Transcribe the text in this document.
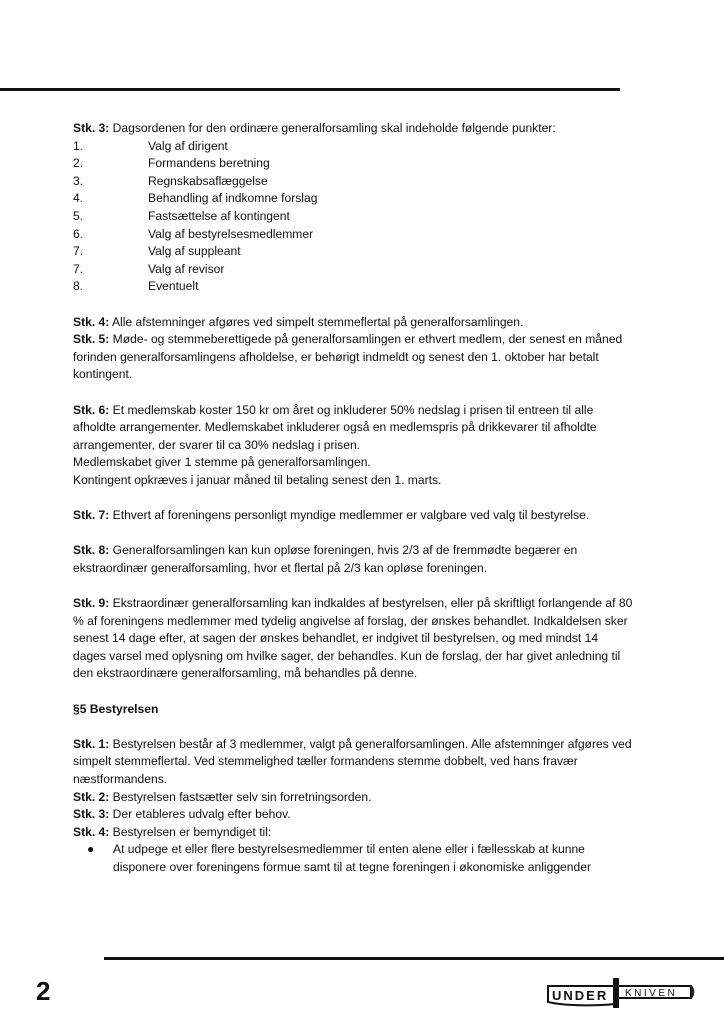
Stk. 3: Dagsordenen for den ordinære generalforsamling skal indeholde følgende punkter:

1.	Valg af dirigent
2.	Formandens beretning
3.	Regnskabsaflæggelse
4.	Behandling af indkomne forslag
5.	Fastsættelse af kontingent
6.	Valg af bestyrelsesmedlemmer
7.	Valg af suppleant
7.	Valg af revisor
8.	Eventuelt

Stk. 4: Alle afstemninger afgøres ved simpelt stemmeflertal på generalforsamlingen.

Stk. 5: Møde- og stemmeberettigede på generalforsamlingen er ethvert medlem, der senest en måned forinden generalforsamlingens afholdelse, er behørigt indmeldt og senest den 1. oktober har betalt kontingent.

Stk. 6: Et medlemskab koster 150 kr om året og inkluderer 50% nedslag i prisen til entreen til alle afholdte arrangementer. Medlemskabet inkluderer også en medlemspris på drikkevarer til afholdte arrangementer, der svarer til ca 30% nedslag i prisen.

Medlemskabet giver 1 stemme på generalforsamlingen.

Kontingent opkræves i januar måned til betaling senest den 1. marts.

Stk. 7: Ethvert af foreningens personligt myndige medlemmer er valgbare ved valg til bestyrelse.

Stk. 8: Generalforsamlingen kan kun opløse foreningen, hvis 2/3 af de fremmødte begærer en ekstraordinær generalforsamling, hvor et flertal på 2/3 kan opløse foreningen.

Stk. 9: Ekstraordinær generalforsamling kan indkaldes af bestyrelsen, eller på skriftligt forlangende af 80 % af foreningens medlemmer med tydelig angivelse af forslag, der ønskes behandlet. Indkaldelsen sker senest 14 dage efter, at sagen der ønskes behandlet, er indgivet til bestyrelsen, og med mindst 14 dages varsel med oplysning om hvilke sager, der behandles. Kun de forslag, der har givet anledning til den ekstraordinære generalforsamling, må behandles på denne.

§5 Bestyrelsen

Stk. 1: Bestyrelsen består af 3 medlemmer, valgt på generalforsamlingen. Alle afstemninger afgøres ved simpelt stemmeflertal. Ved stemmelighed tæller formandens stemme dobbelt, ved hans fravær næstformandens.

Stk. 2: Bestyrelsen fastsætter selv sin forretningsorden.

Stk. 3: Der etableres udvalg efter behov.

Stk. 4: Bestyrelsen er bemyndiget til:

●	At udpege et eller flere bestyrelsesmedlemmer til enten alene eller i fællesskab at kunne disponere over foreningens formue samt til at tegne foreningen i økonomiske anliggender
2	UNDER KNIVEN
